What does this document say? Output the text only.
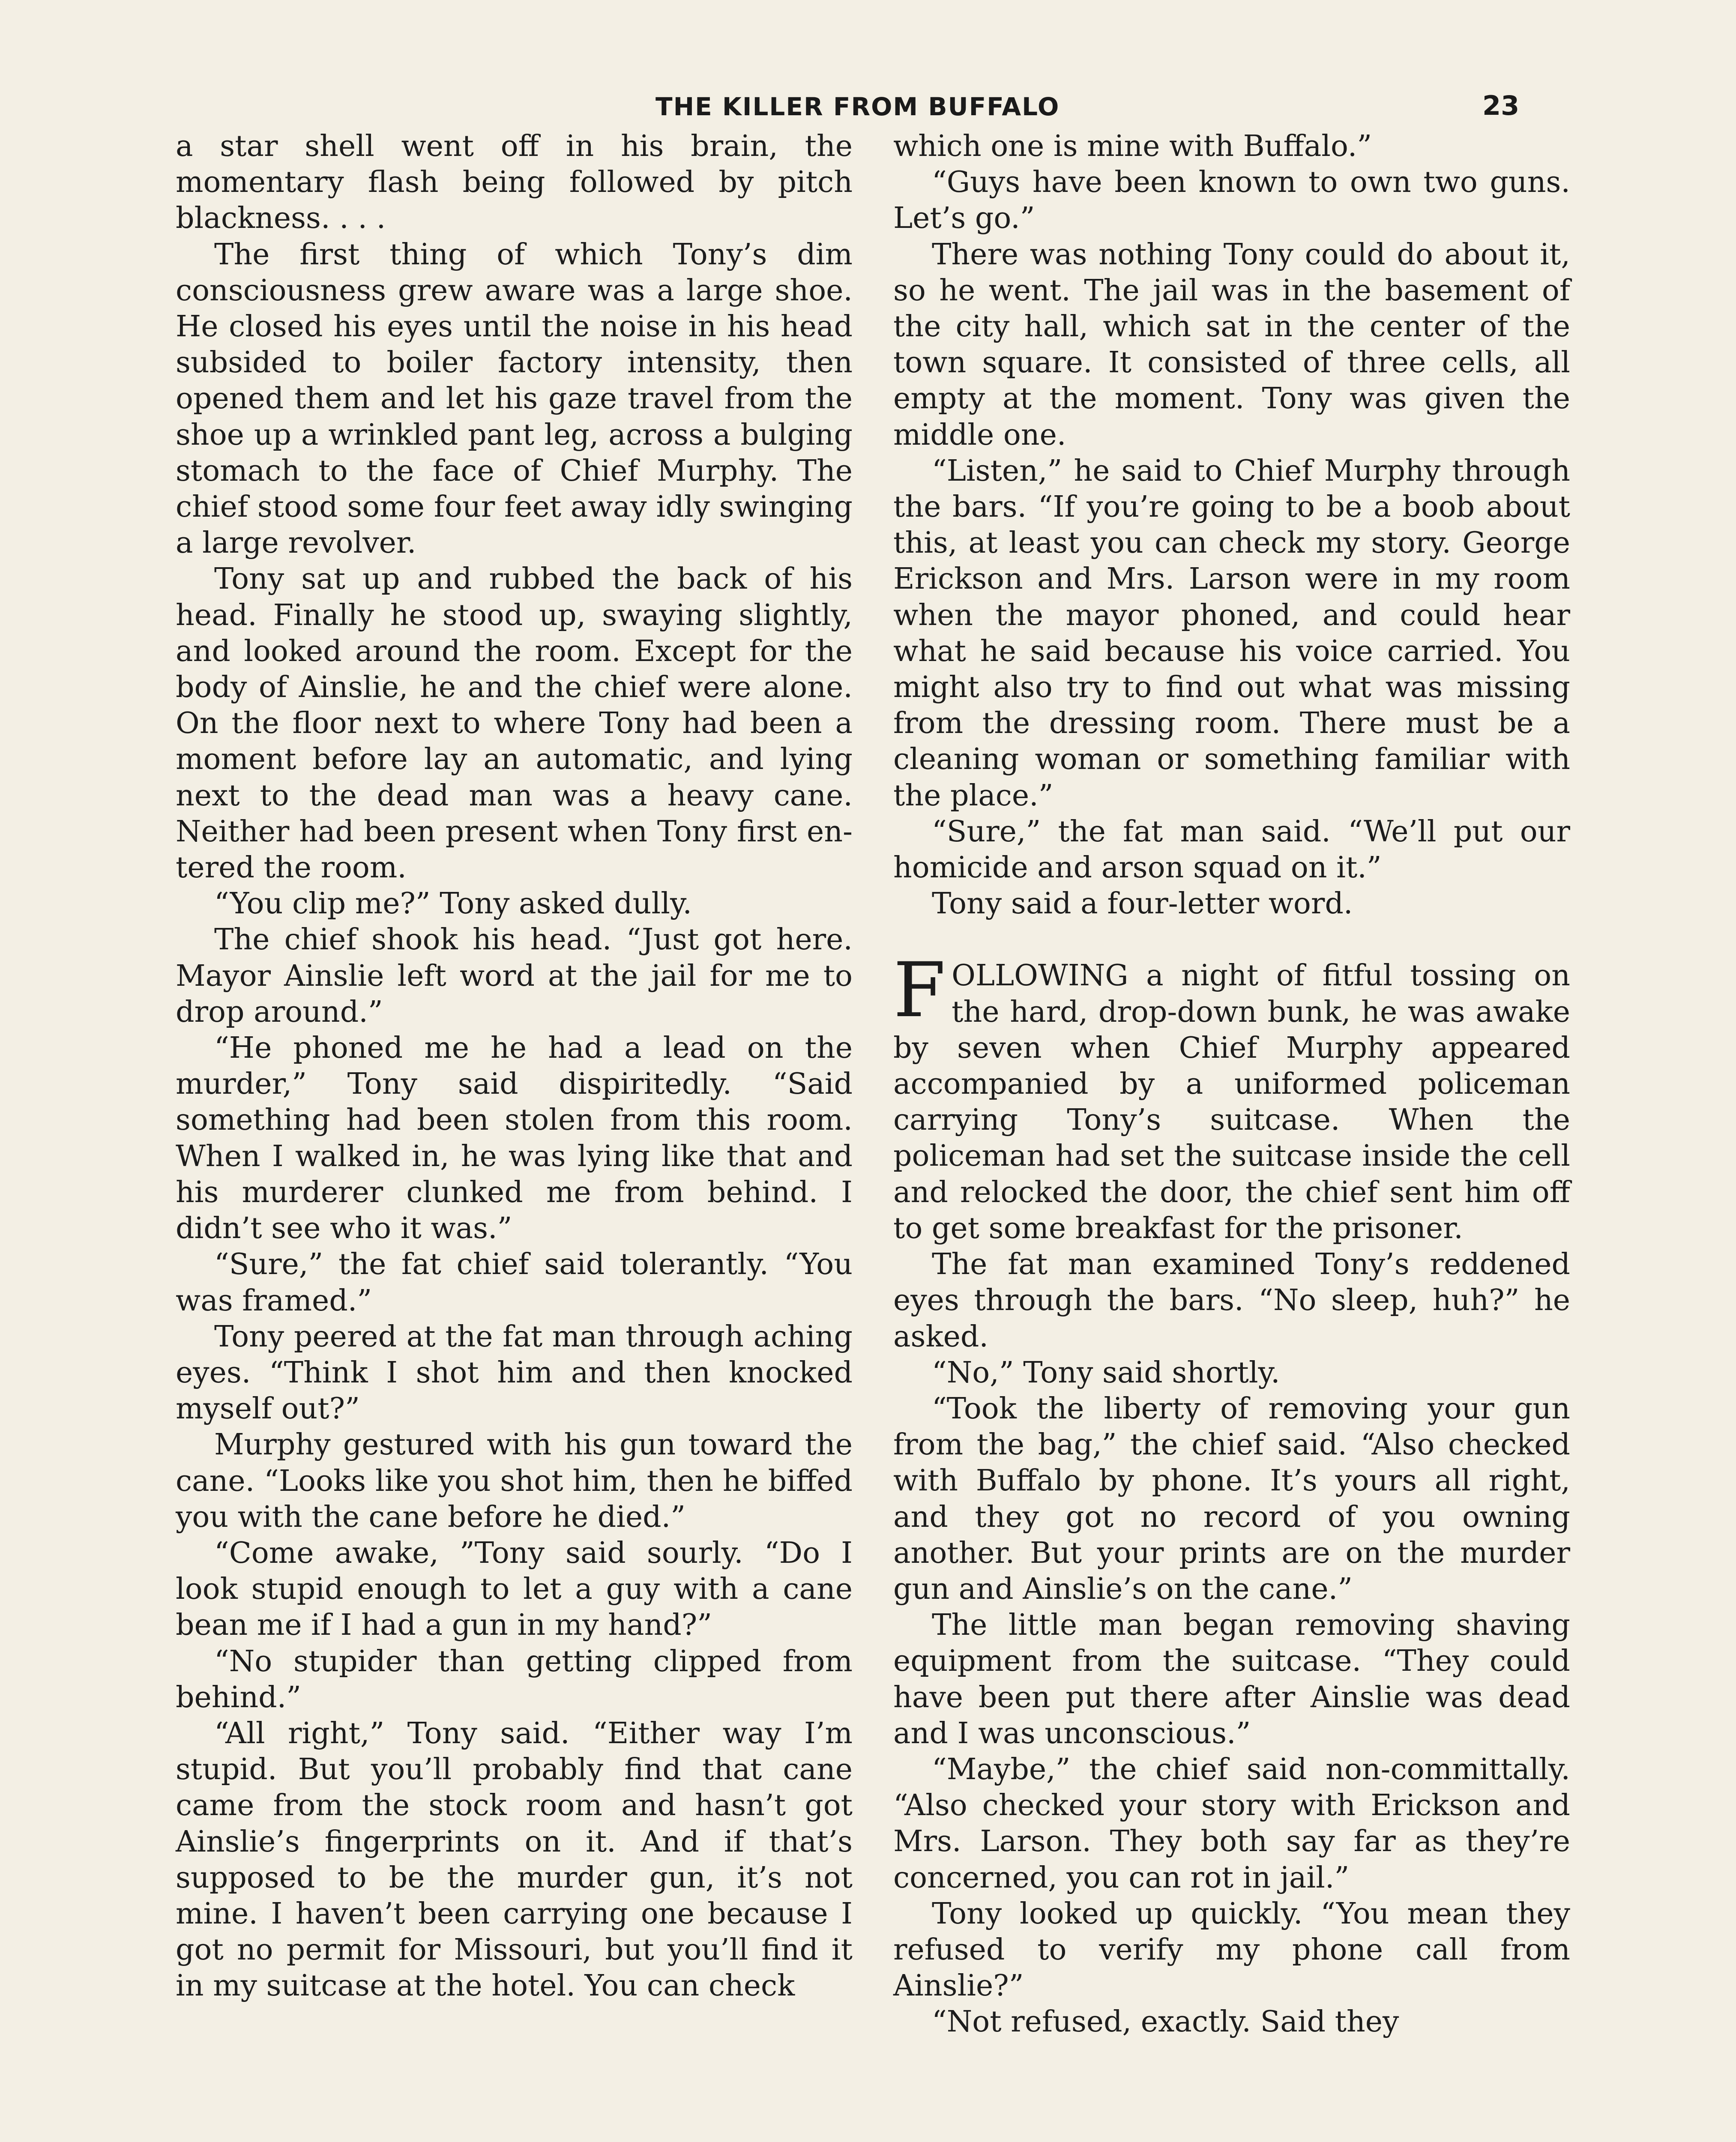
THE KILLER FROM BUFFALO	23

a star shell went off in his brain, the momentary flash being followed by pitch blackness. . . .

The first thing of which Tony’s dim consciousness grew aware was a large shoe. He closed his eyes until the noise in his head subsided to boiler factory intensity, then opened them and let his gaze travel from the shoe up a wrinkled pant leg, across a bulging stomach to the face of Chief Murphy. The chief stood some four feet away idly swinging a large revolver.

Tony sat up and rubbed the back of his head. Finally he stood up, swaying slightly, and looked around the room. Except for the body of Ainslie, he and the chief were alone. On the floor next to where Tony had been a moment before lay an automatic, and lying next to the dead man was a heavy cane. Neither had been present when Tony first entered the room.

“You clip me?” Tony asked dully.

The chief shook his head. “Just got here. Mayor Ainslie left word at the jail for me to drop around.”

“He phoned me he had a lead on the murder,” Tony said dispiritedly. “Said something had been stolen from this room. When I walked in, he was lying like that and his murderer clunked me from behind. I didn’t see who it was.”

“Sure,” the fat chief said tolerantly. “You was framed.”

Tony peered at the fat man through aching eyes. “Think I shot him and then knocked myself out?”

Murphy gestured with his gun toward the cane. “Looks like you shot him, then he biffed you with the cane before he died.”

“Come awake, ”Tony said sourly. “Do I look stupid enough to let a guy with a cane bean me if I had a gun in my hand?”

“No stupider than getting clipped from behind.”

“All right,” Tony said. “Either way I’m stupid. But you’ll probably find that cane came from the stock room and hasn’t got Ainslie’s fingerprints on it. And if that’s supposed to be the murder gun, it’s not mine. I haven’t been carrying one because I got no permit for Missouri, but you’ll find it in my suitcase at the hotel. You can check

which one is mine with Buffalo.”

“Guys have been known to own two guns. Let’s go.”

There was nothing Tony could do about it, so he went. The jail was in the basement of the city hall, which sat in the center of the town square. It consisted of three cells, all empty at the moment. Tony was given the middle one.

“Listen,” he said to Chief Murphy through the bars. “If you’re going to be a boob about this, at least you can check my story. George Erickson and Mrs. Larson were in my room when the mayor phoned, and could hear what he said because his voice carried. You might also try to find out what was missing from the dressing room. There must be a cleaning woman or something familiar with the place.”

“Sure,” the fat man said. “We’ll put our homicide and arson squad on it.”

Tony said a four-letter word.

FOLLOWING a night of fitful tossing on the hard, drop-down bunk, he was awake by seven when Chief Murphy appeared accompanied by a uniformed policeman carrying Tony’s suitcase. When the policeman had set the suitcase inside the cell and relocked the door, the chief sent him off to get some breakfast for the prisoner.

The fat man examined Tony’s reddened eyes through the bars. “No sleep, huh?” he asked.

“No,” Tony said shortly.

“Took the liberty of removing your gun from the bag,” the chief said. “Also checked with Buffalo by phone. It’s yours all right, and they got no record of you owning another. But your prints are on the murder gun and Ainslie’s on the cane.”

The little man began removing shaving equipment from the suitcase. “They could have been put there after Ainslie was dead and I was unconscious.”

“Maybe,” the chief said non-committally. “Also checked your story with Erickson and Mrs. Larson. They both say far as they’re concerned, you can rot in jail.”

Tony looked up quickly. “You mean they refused to verify my phone call from Ainslie?”

“Not refused, exactly. Said they
